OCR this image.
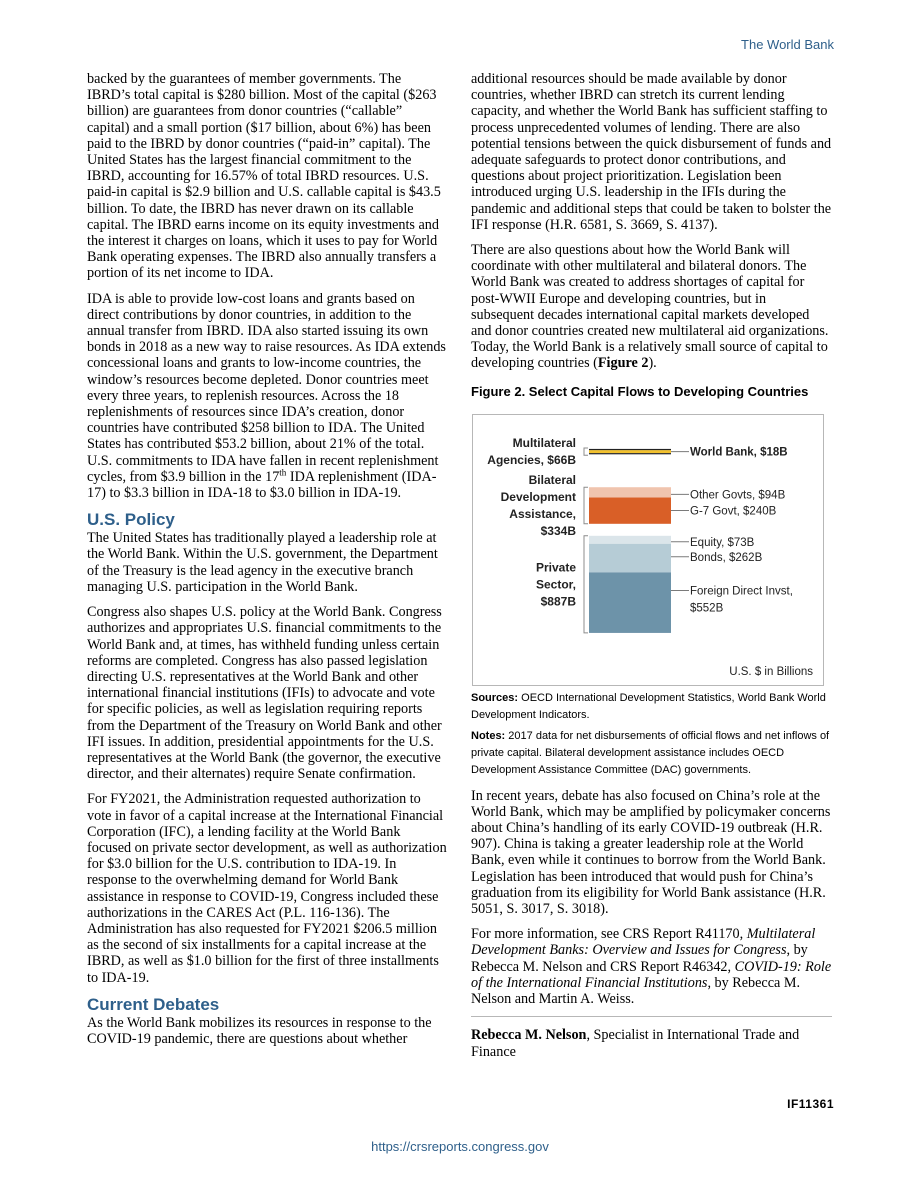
The World Bank

backed by the guarantees of member governments. The IBRD’s total capital is $280 billion. Most of the capital ($263 billion) are guarantees from donor countries (“callable” capital) and a small portion ($17 billion, about 6%) has been paid to the IBRD by donor countries (“paid-in” capital). The United States has the largest financial commitment to the IBRD, accounting for 16.57% of total IBRD resources. U.S. paid-in capital is $2.9 billion and U.S. callable capital is $43.5 billion. To date, the IBRD has never drawn on its callable capital. The IBRD earns income on its equity investments and the interest it charges on loans, which it uses to pay for World Bank operating expenses. The IBRD also annually transfers a portion of its net income to IDA.

IDA is able to provide low-cost loans and grants based on direct contributions by donor countries, in addition to the annual transfer from IBRD. IDA also started issuing its own bonds in 2018 as a new way to raise resources. As IDA extends concessional loans and grants to low-income countries, the window’s resources become depleted. Donor countries meet every three years, to replenish resources. Across the 18 replenishments of resources since IDA’s creation, donor countries have contributed $258 billion to IDA. The United States has contributed $53.2 billion, about 21% of the total. U.S. commitments to IDA have fallen in recent replenishment cycles, from $3.9 billion in the 17th IDA replenishment (IDA-17) to $3.3 billion in IDA-18 to $3.0 billion in IDA-19.

U.S. Policy

The United States has traditionally played a leadership role at the World Bank. Within the U.S. government, the Department of the Treasury is the lead agency in the executive branch managing U.S. participation in the World Bank.

Congress also shapes U.S. policy at the World Bank. Congress authorizes and appropriates U.S. financial commitments to the World Bank and, at times, has withheld funding unless certain reforms are completed. Congress has also passed legislation directing U.S. representatives at the World Bank and other international financial institutions (IFIs) to advocate and vote for specific policies, as well as legislation requiring reports from the Department of the Treasury on World Bank and other IFI issues. In addition, presidential appointments for the U.S. representatives at the World Bank (the governor, the executive director, and their alternates) require Senate confirmation.

For FY2021, the Administration requested authorization to vote in favor of a capital increase at the International Financial Corporation (IFC), a lending facility at the World Bank focused on private sector development, as well as authorization for $3.0 billion for the U.S. contribution to IDA-19. In response to the overwhelming demand for World Bank assistance in response to COVID-19, Congress included these authorizations in the CARES Act (P.L. 116-136). The Administration has also requested for FY2021 $206.5 million as the second of six installments for a capital increase at the IBRD, as well as $1.0 billion for the first of three installments to IDA-19.

Current Debates

As the World Bank mobilizes its resources in response to the COVID-19 pandemic, there are questions about whether

additional resources should be made available by donor countries, whether IBRD can stretch its current lending capacity, and whether the World Bank has sufficient staffing to process unprecedented volumes of lending. There are also potential tensions between the quick disbursement of funds and adequate safeguards to protect donor contributions, and questions about project prioritization. Legislation been introduced urging U.S. leadership in the IFIs during the pandemic and additional steps that could be taken to bolster the IFI response (H.R. 6581, S. 3669, S. 4137).

There are also questions about how the World Bank will coordinate with other multilateral and bilateral donors. The World Bank was created to address shortages of capital for post-WWII Europe and developing countries, but in subsequent decades international capital markets developed and donor countries created new multilateral aid organizations. Today, the World Bank is a relatively small source of capital to developing countries (Figure 2).

Figure 2. Select Capital Flows to Developing Countries
Multilateral
Agencies, $66B
World Bank, $18B
Bilateral
Development
Assistance,
$334B
Other Govts, $94B
G-7 Govt, $240B
Private
Sector,
$887B
Equity, $73B
Bonds, $262B
Foreign Direct Invst,
$552B
U.S. $ in Billions

Sources: OECD International Development Statistics, World Bank World Development Indicators.

Notes: 2017 data for net disbursements of official flows and net inflows of private capital. Bilateral development assistance includes OECD Development Assistance Committee (DAC) governments.

In recent years, debate has also focused on China’s role at the World Bank, which may be amplified by policymaker concerns about China’s handling of its early COVID-19 outbreak (H.R. 907). China is taking a greater leadership role at the World Bank, even while it continues to borrow from the World Bank. Legislation has been introduced that would push for China’s graduation from its eligibility for World Bank assistance (H.R. 5051, S. 3017, S. 3018).

For more information, see CRS Report R41170, Multilateral Development Banks: Overview and Issues for Congress, by Rebecca M. Nelson and CRS Report R46342, COVID-19: Role of the International Financial Institutions, by Rebecca M. Nelson and Martin A. Weiss.

Rebecca M. Nelson, Specialist in International Trade and Finance
IF11361
https://crsreports.congress.gov
